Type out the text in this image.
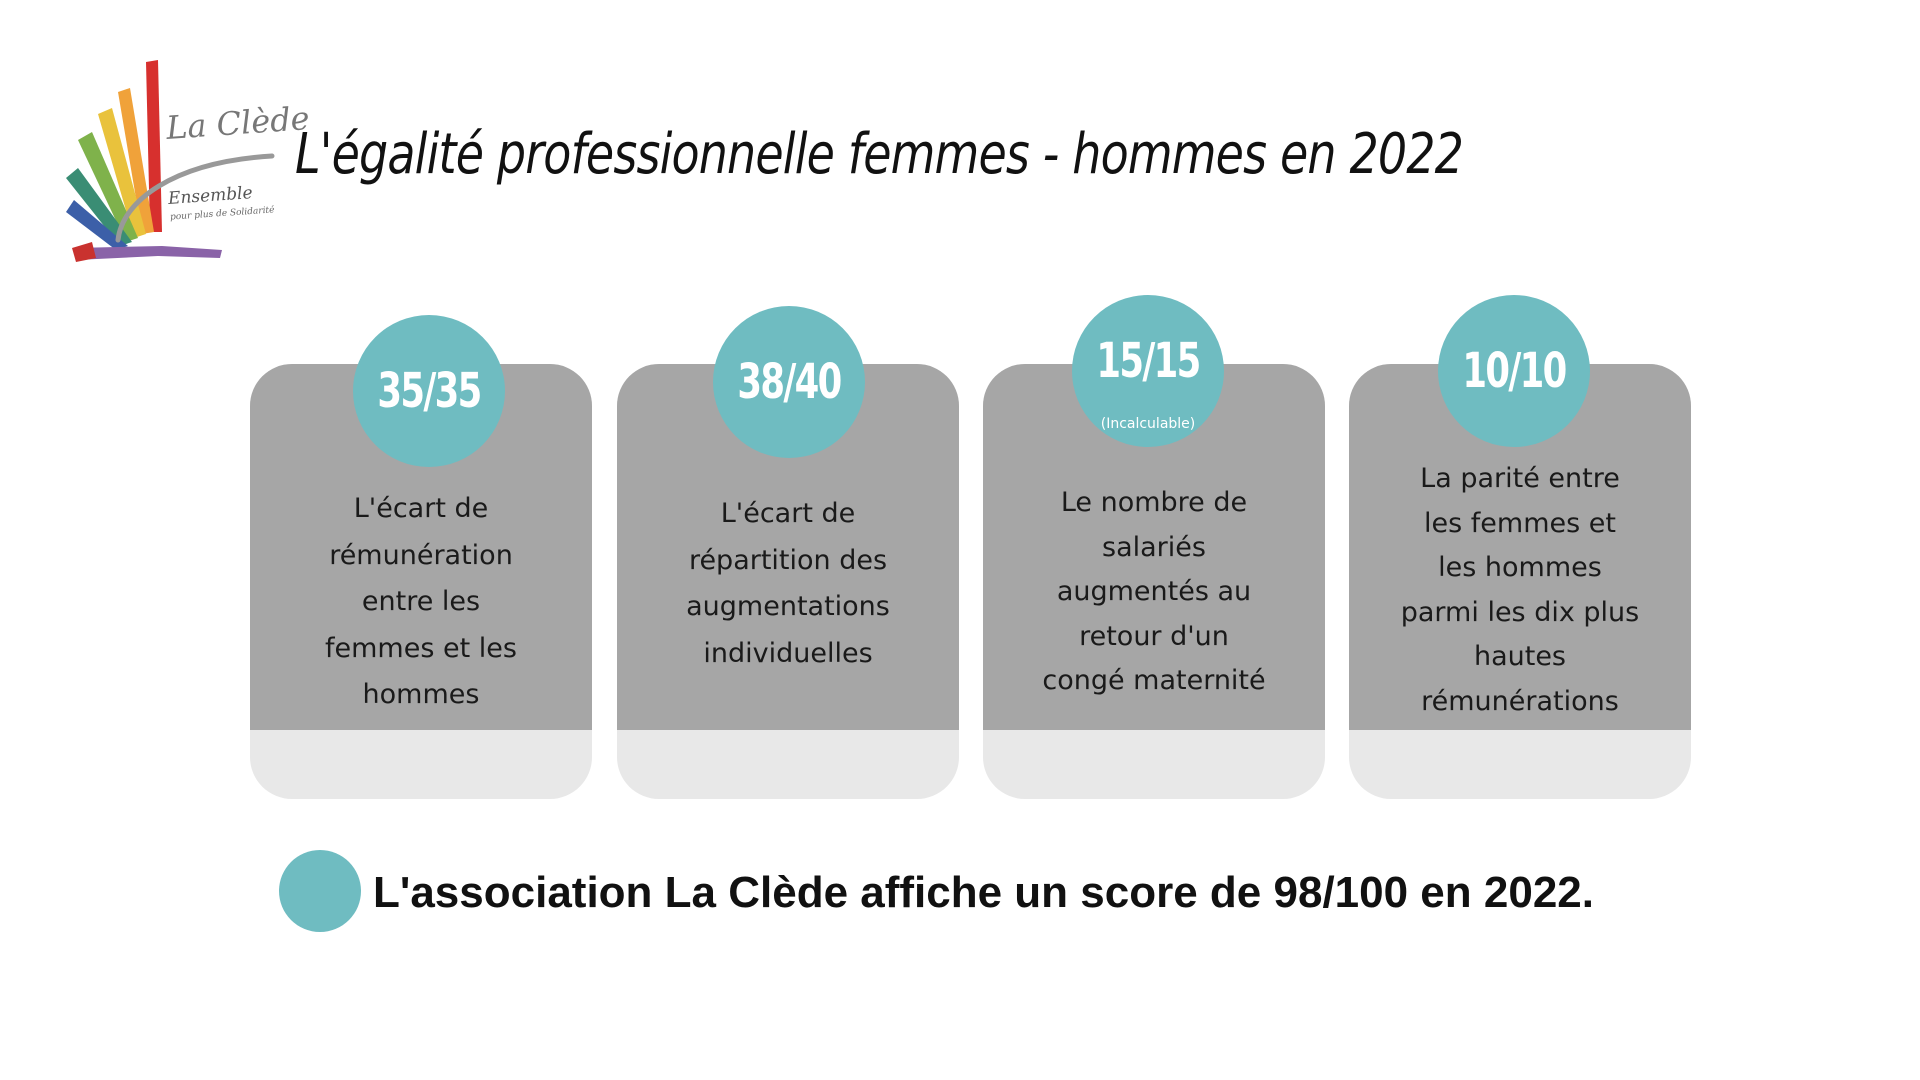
La Clède
Ensemble
pour plus de Solidarité
L'égalité professionnelle femmes - hommes en 2022
L'écart de
rémunération
entre les
femmes et les
hommes
35/35
L'écart de
répartition des
augmentations
individuelles
38/40
Le nombre de
salariés
augmentés au
retour d'un
congé maternité
15/15
(Incalculable)
La parité entre
les femmes et
les hommes
parmi les dix plus
hautes
rémunérations
10/10
L'association La Clède affiche un score de 98/100 en 2022.
